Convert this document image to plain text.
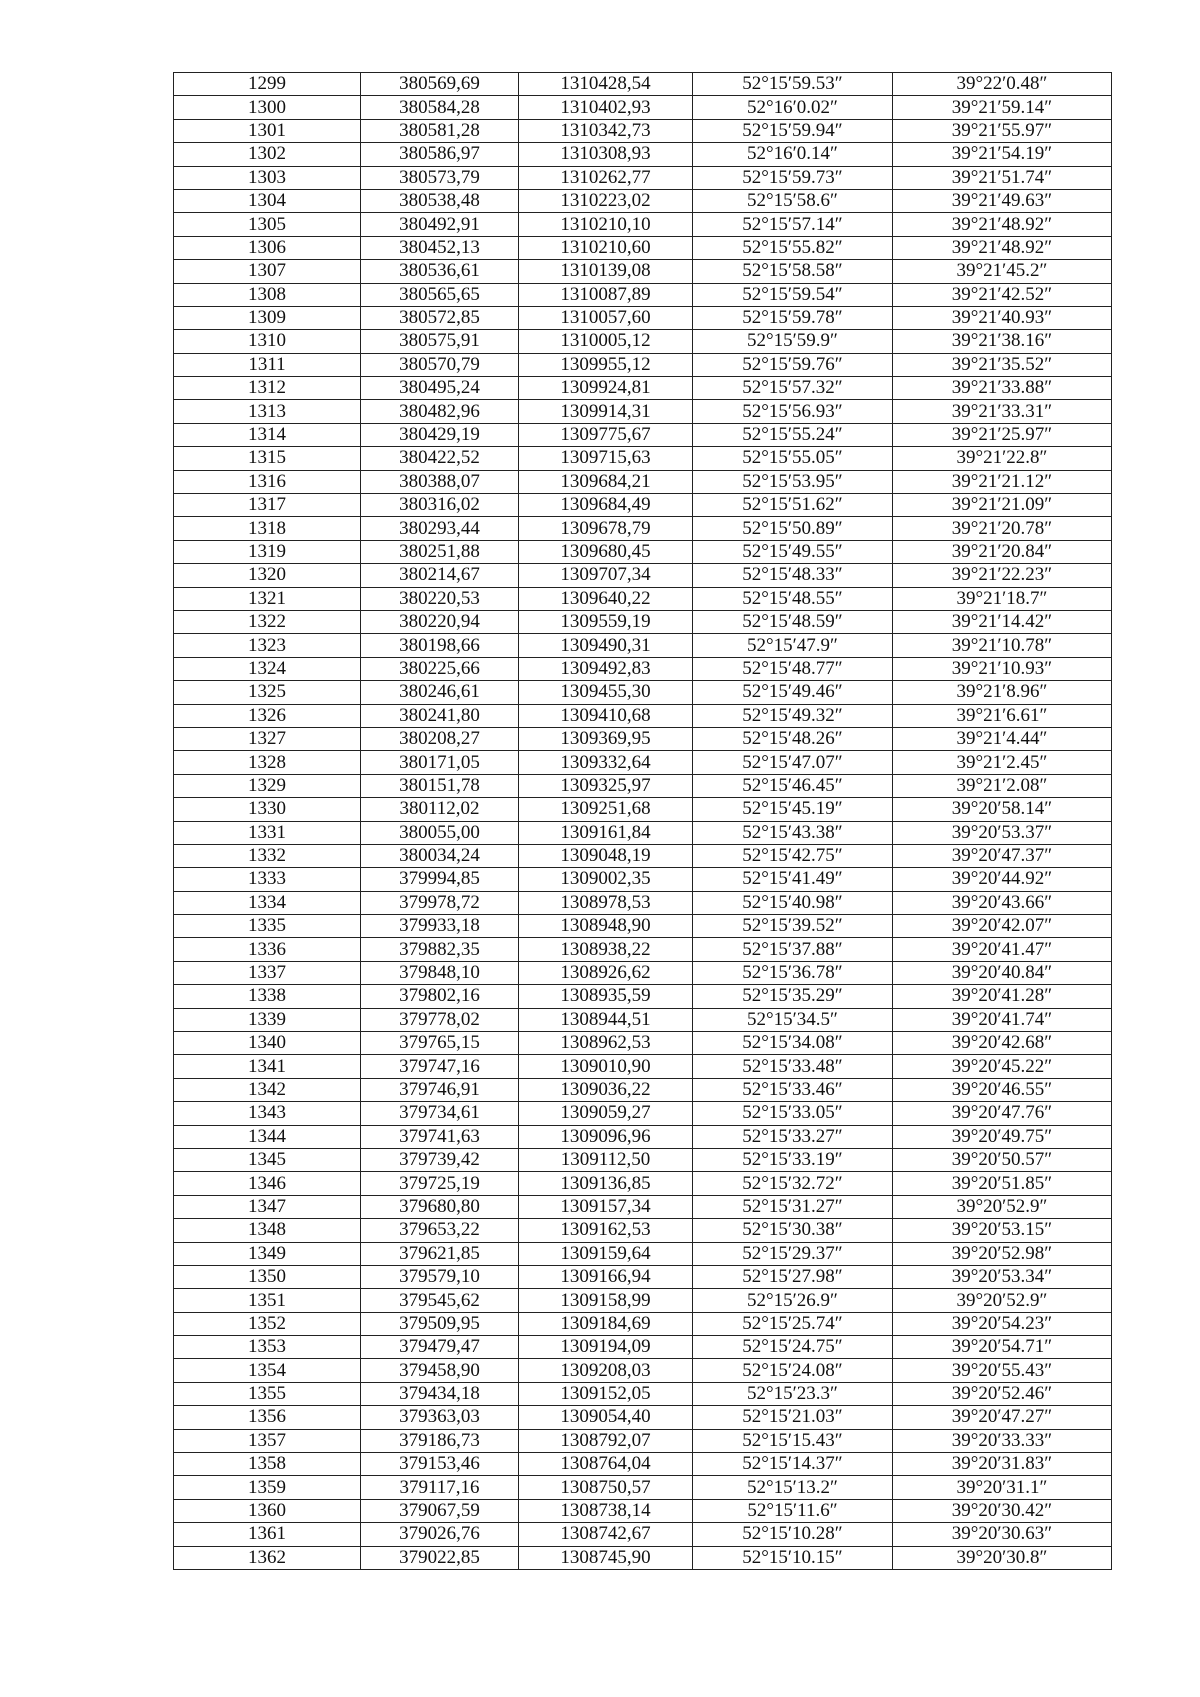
1299	380569,69	1310428,54	52°15′59.53″	39°22′0.48″
1300	380584,28	1310402,93	52°16′0.02″	39°21′59.14″
1301	380581,28	1310342,73	52°15′59.94″	39°21′55.97″
1302	380586,97	1310308,93	52°16′0.14″	39°21′54.19″
1303	380573,79	1310262,77	52°15′59.73″	39°21′51.74″
1304	380538,48	1310223,02	52°15′58.6″	39°21′49.63″
1305	380492,91	1310210,10	52°15′57.14″	39°21′48.92″
1306	380452,13	1310210,60	52°15′55.82″	39°21′48.92″
1307	380536,61	1310139,08	52°15′58.58″	39°21′45.2″
1308	380565,65	1310087,89	52°15′59.54″	39°21′42.52″
1309	380572,85	1310057,60	52°15′59.78″	39°21′40.93″
1310	380575,91	1310005,12	52°15′59.9″	39°21′38.16″
1311	380570,79	1309955,12	52°15′59.76″	39°21′35.52″
1312	380495,24	1309924,81	52°15′57.32″	39°21′33.88″
1313	380482,96	1309914,31	52°15′56.93″	39°21′33.31″
1314	380429,19	1309775,67	52°15′55.24″	39°21′25.97″
1315	380422,52	1309715,63	52°15′55.05″	39°21′22.8″
1316	380388,07	1309684,21	52°15′53.95″	39°21′21.12″
1317	380316,02	1309684,49	52°15′51.62″	39°21′21.09″
1318	380293,44	1309678,79	52°15′50.89″	39°21′20.78″
1319	380251,88	1309680,45	52°15′49.55″	39°21′20.84″
1320	380214,67	1309707,34	52°15′48.33″	39°21′22.23″
1321	380220,53	1309640,22	52°15′48.55″	39°21′18.7″
1322	380220,94	1309559,19	52°15′48.59″	39°21′14.42″
1323	380198,66	1309490,31	52°15′47.9″	39°21′10.78″
1324	380225,66	1309492,83	52°15′48.77″	39°21′10.93″
1325	380246,61	1309455,30	52°15′49.46″	39°21′8.96″
1326	380241,80	1309410,68	52°15′49.32″	39°21′6.61″
1327	380208,27	1309369,95	52°15′48.26″	39°21′4.44″
1328	380171,05	1309332,64	52°15′47.07″	39°21′2.45″
1329	380151,78	1309325,97	52°15′46.45″	39°21′2.08″
1330	380112,02	1309251,68	52°15′45.19″	39°20′58.14″
1331	380055,00	1309161,84	52°15′43.38″	39°20′53.37″
1332	380034,24	1309048,19	52°15′42.75″	39°20′47.37″
1333	379994,85	1309002,35	52°15′41.49″	39°20′44.92″
1334	379978,72	1308978,53	52°15′40.98″	39°20′43.66″
1335	379933,18	1308948,90	52°15′39.52″	39°20′42.07″
1336	379882,35	1308938,22	52°15′37.88″	39°20′41.47″
1337	379848,10	1308926,62	52°15′36.78″	39°20′40.84″
1338	379802,16	1308935,59	52°15′35.29″	39°20′41.28″
1339	379778,02	1308944,51	52°15′34.5″	39°20′41.74″
1340	379765,15	1308962,53	52°15′34.08″	39°20′42.68″
1341	379747,16	1309010,90	52°15′33.48″	39°20′45.22″
1342	379746,91	1309036,22	52°15′33.46″	39°20′46.55″
1343	379734,61	1309059,27	52°15′33.05″	39°20′47.76″
1344	379741,63	1309096,96	52°15′33.27″	39°20′49.75″
1345	379739,42	1309112,50	52°15′33.19″	39°20′50.57″
1346	379725,19	1309136,85	52°15′32.72″	39°20′51.85″
1347	379680,80	1309157,34	52°15′31.27″	39°20′52.9″
1348	379653,22	1309162,53	52°15′30.38″	39°20′53.15″
1349	379621,85	1309159,64	52°15′29.37″	39°20′52.98″
1350	379579,10	1309166,94	52°15′27.98″	39°20′53.34″
1351	379545,62	1309158,99	52°15′26.9″	39°20′52.9″
1352	379509,95	1309184,69	52°15′25.74″	39°20′54.23″
1353	379479,47	1309194,09	52°15′24.75″	39°20′54.71″
1354	379458,90	1309208,03	52°15′24.08″	39°20′55.43″
1355	379434,18	1309152,05	52°15′23.3″	39°20′52.46″
1356	379363,03	1309054,40	52°15′21.03″	39°20′47.27″
1357	379186,73	1308792,07	52°15′15.43″	39°20′33.33″
1358	379153,46	1308764,04	52°15′14.37″	39°20′31.83″
1359	379117,16	1308750,57	52°15′13.2″	39°20′31.1″
1360	379067,59	1308738,14	52°15′11.6″	39°20′30.42″
1361	379026,76	1308742,67	52°15′10.28″	39°20′30.63″
1362	379022,85	1308745,90	52°15′10.15″	39°20′30.8″
